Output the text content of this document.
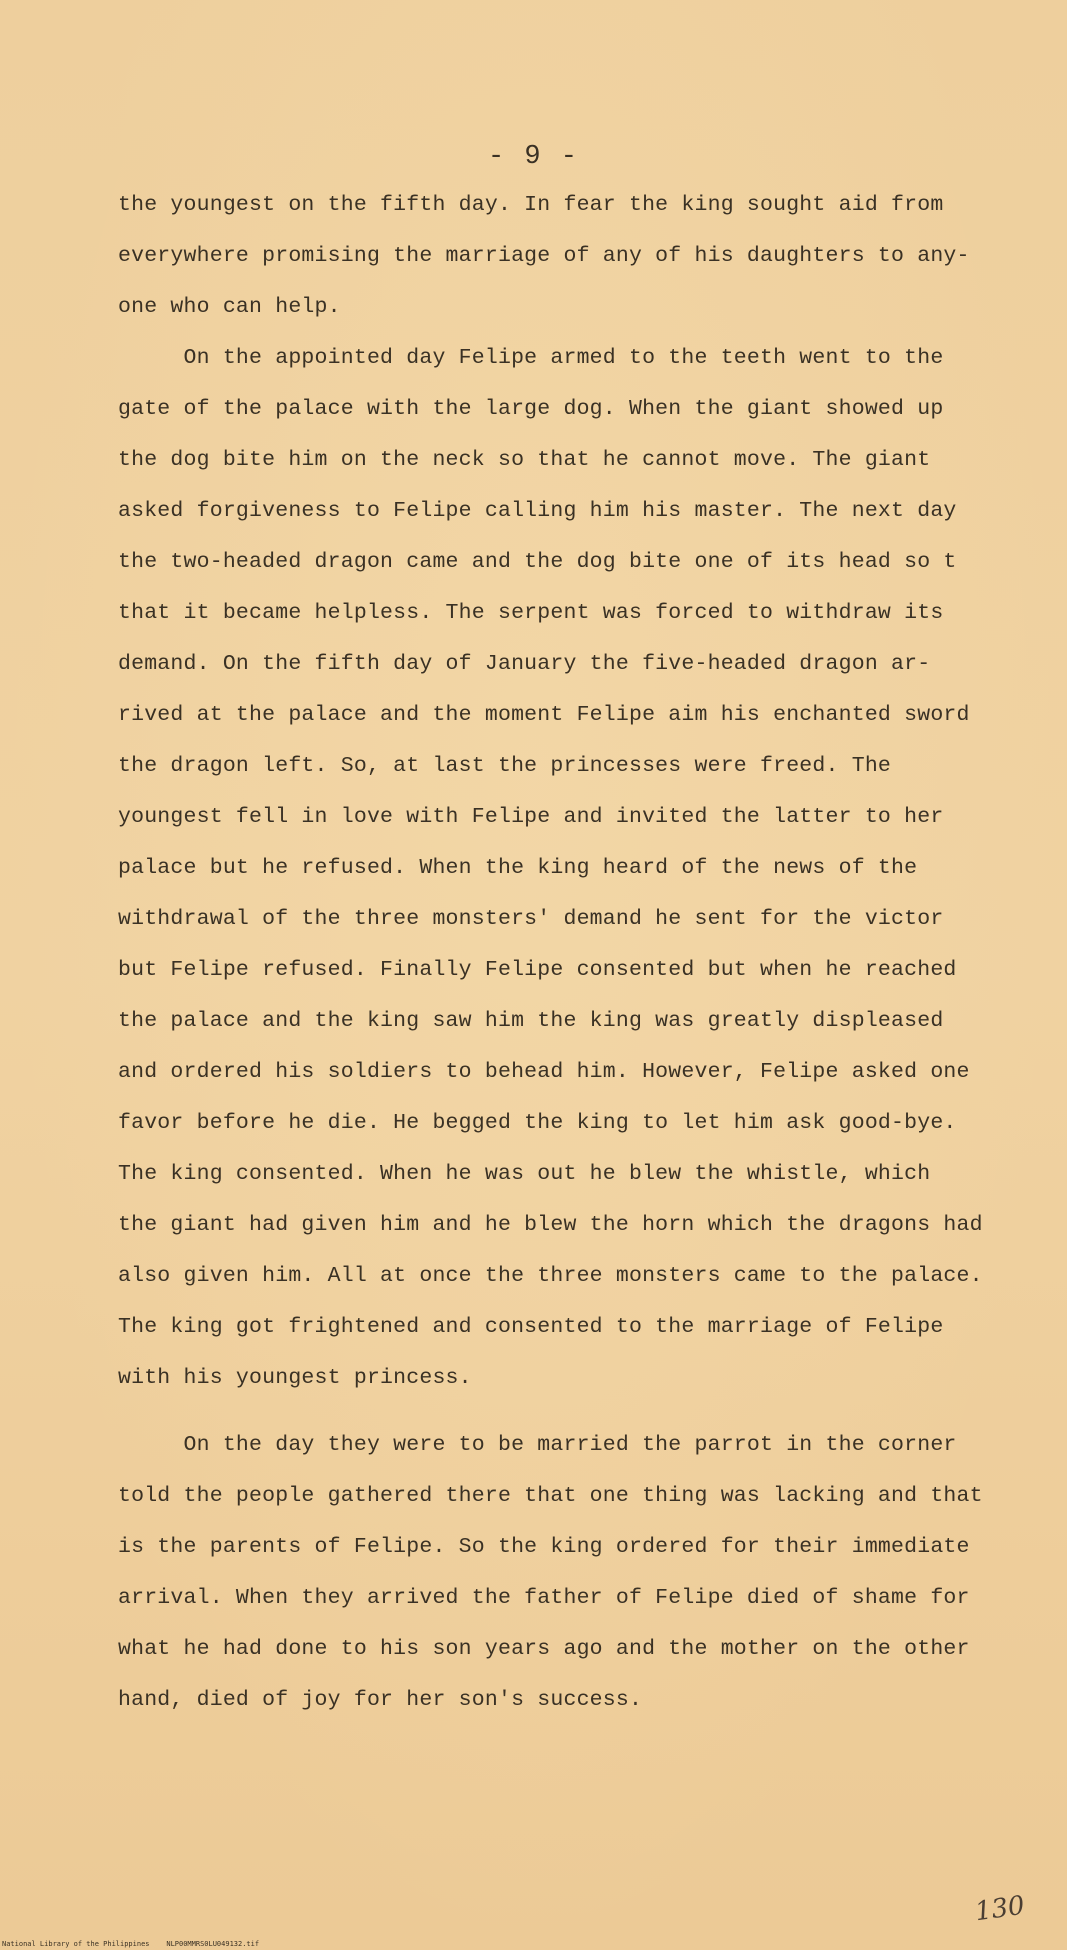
- 9 -
the youngest on the fifth day. In fear the king sought aid from
everywhere promising the marriage of any of his daughters to any-
one who can help.
On the appointed day Felipe armed to the teeth went to the
gate of the palace with the large dog. When the giant showed up
the dog bite him on the neck so that he cannot move. The giant
asked forgiveness to Felipe calling him his master. The next day
the two-headed dragon came and the dog bite one of its head so t
that it became helpless. The serpent was forced to withdraw its
demand. On the fifth day of January the five-headed dragon ar-
rived at the palace and the moment Felipe aim his enchanted sword
the dragon left. So, at last the princesses were freed. The
youngest fell in love with Felipe and invited the latter to her
palace but he refused. When the king heard of the news of the
withdrawal of the three monsters' demand he sent for the victor
but Felipe refused. Finally Felipe consented but when he reached
the palace and the king saw him the king was greatly displeased
and ordered his soldiers to behead him. However, Felipe asked one
favor before he die. He begged the king to let him ask good-bye.
The king consented. When he was out he blew the whistle, which
the giant had given him and he blew the horn which the dragons had
also given him. All at once the three monsters came to the palace.
The king got frightened and consented to the marriage of Felipe
with his youngest princess.
On the day they were to be married the parrot in the corner
told the people gathered there that one thing was lacking and that
is the parents of Felipe. So the king ordered for their immediate
arrival. When they arrived the father of Felipe died of shame for
what he had done to his son years ago and the mother on the other
hand, died of joy for her son's success.
130
National Library of the Philippines    NLP00MMRS0LU049132.tif
